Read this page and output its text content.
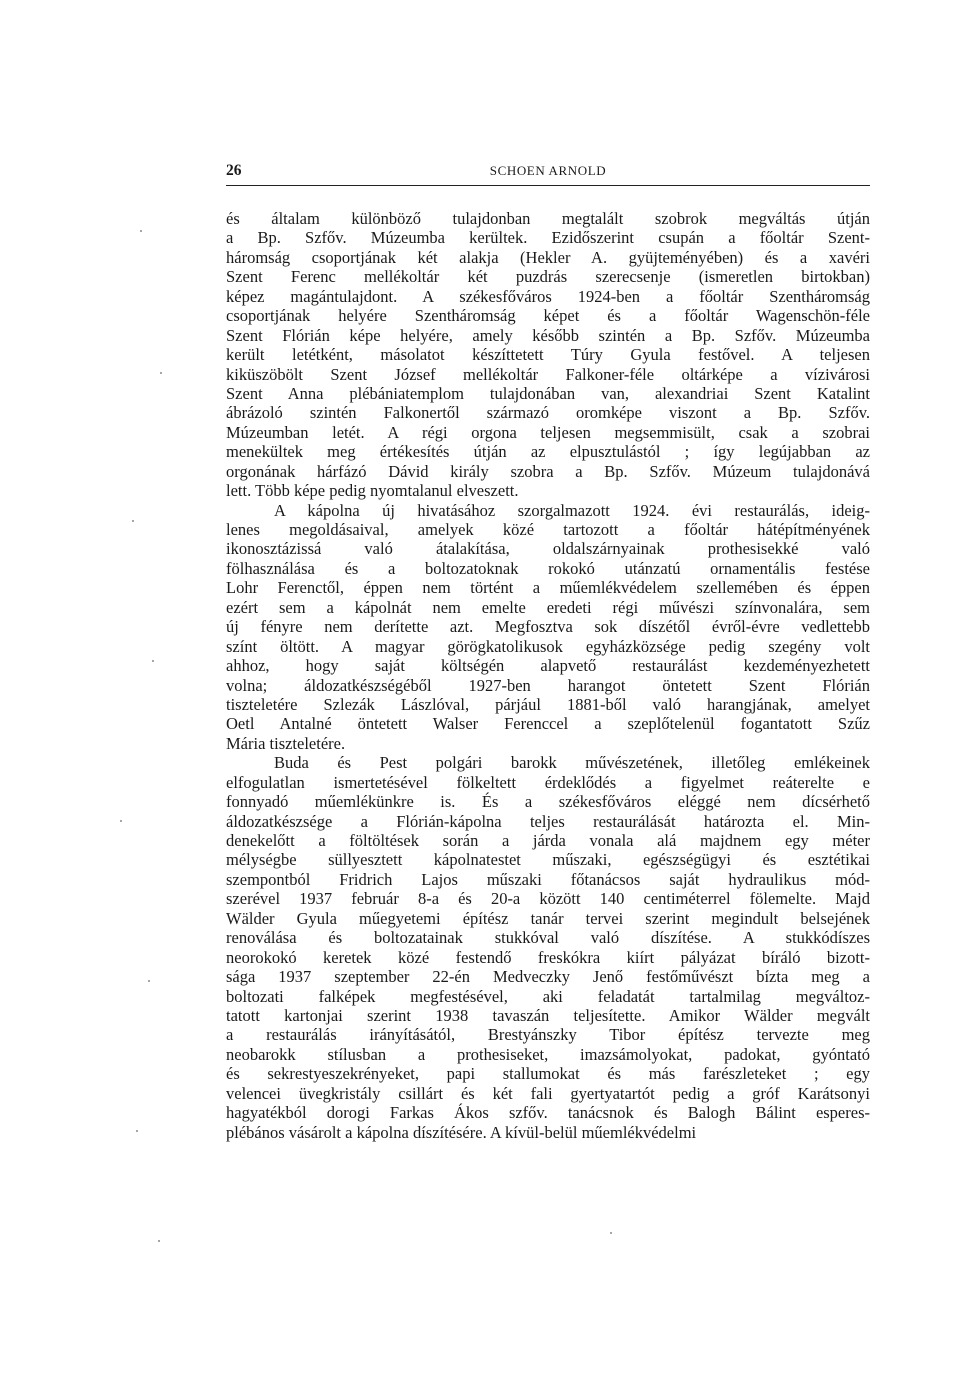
26	SCHOEN ARNOLD
és általam különböző tulajdonban megtalált szobrok megváltás útján
a Bp. Szfőv. Múzeumba kerültek. Ezidőszerint csupán a főoltár Szent-
háromság csoportjának két alakja (Hekler A. gyüjteményében) és a xavéri
Szent Ferenc mellékoltár két puzdrás szerecsenje (ismeretlen birtokban)
képez magántulajdont. A székesfőváros 1924-ben a főoltár Szentháromság
csoportjának helyére Szentháromság képet és a főoltár Wagenschön-féle
Szent Flórián képe helyére, amely később szintén a Bp. Szfőv. Múzeumba
került letétként, másolatot készíttetett Túry Gyula festővel. A teljesen
kiküszöbölt Szent József mellékoltár Falkoner-féle oltárképe a vízivárosi
Szent Anna plébániatemplom tulajdonában van, alexandriai Szent Katalint
ábrázoló szintén Falkonertől származó oromképe viszont a Bp. Szfőv.
Múzeumban letét. A régi orgona teljesen megsemmisült, csak a szobrai
menekültek meg értékesítés útján az elpusztulástól ; így legújabban az
orgonának hárfázó Dávid király szobra a Bp. Szfőv. Múzeum tulajdonává
lett. Több képe pedig nyomtalanul elveszett.
A kápolna új hivatásához szorgalmazott 1924. évi restaurálás, ideig-
lenes megoldásaival, amelyek közé tartozott a főoltár hátépítményének
ikonosztázissá való átalakítása, oldalszárnyainak prothesisekké való
fölhasználása és a boltozatoknak rokokó utánzatú ornamentális festése
Lohr Ferenctől, éppen nem történt a műemlékvédelem szellemében és éppen
ezért sem a kápolnát nem emelte eredeti régi művészi színvonalára, sem
új fényre nem derítette azt. Megfosztva sok díszétől évről-évre vedlettebb
színt öltött. A magyar görögkatolikusok egyházközsége pedig szegény volt
ahhoz, hogy saját költségén alapvető restaurálást kezdeményezhetett
volna; áldozatkészségéből 1927-ben harangot öntetett Szent Flórián
tiszteletére Szlezák Lászlóval, párjául 1881-ből való harangjának, amelyet
Oetl Antalné öntetett Walser Ferenccel a szeplőtelenül fogantatott Szűz
Mária tiszteletére.
Buda és Pest polgári barokk művészetének, illetőleg emlékeinek
elfogulatlan ismertetésével fölkeltett érdeklődés a figyelmet reáterelte e
fonnyadó műemlékünkre is. És a székesfőváros eléggé nem dícsérhető
áldozatkészsége a Flórián-kápolna teljes restaurálását határozta el. Min-
denekelőtt a föltöltések során a járda vonala alá majdnem egy méter
mélységbe süllyesztett kápolnatestet műszaki, egészségügyi és esztétikai
szempontból Fridrich Lajos műszaki főtanácsos saját hydraulikus mód-
szerével 1937 február 8-a és 20-a között 140 centiméterrel fölemelte. Majd
Wälder Gyula műegyetemi építész tanár tervei szerint megindult belsejének
renoválása és boltozatainak stukkóval való díszítése. A stukkódíszes
neorokokó keretek közé festendő freskókra kiírt pályázat bíráló bizott-
sága 1937 szeptember 22-én Medveczky Jenő festőművészt bízta meg a
boltozati falképek megfestésével, aki feladatát tartalmilag megváltoz-
tatott kartonjai szerint 1938 tavaszán teljesítette. Amikor Wälder megvált
a restaurálás irányításától, Brestyánszky Tibor építész tervezte meg
neobarokk stílusban a prothesiseket, imazsámolyokat, padokat, gyóntató
és sekrestyeszekrényeket, papi stallumokat és más farészleteket ; egy
velencei üvegkristály csillárt és két fali gyertyatartót pedig a gróf Karátsonyi
hagyatékból dorogi Farkas Ákos szfőv. tanácsnok és Balogh Bálint esperes-
plébános vásárolt a kápolna díszítésére. A kívül-belül műemlékvédelmi
